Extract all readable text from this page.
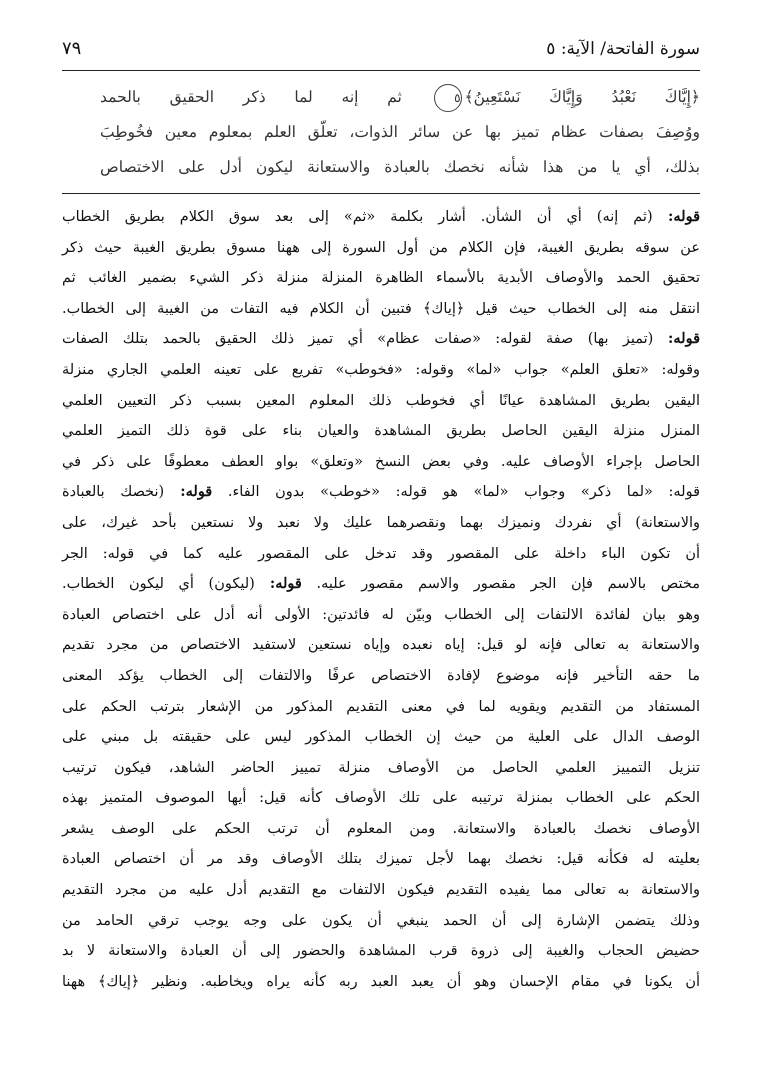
سورة الفاتحة/ الآية: ٥
٧٩

﴿إِيَّاكَ نَعْبُدُ وَإِيَّاكَ نَسْتَعِينُ﴾٥ ثم إنه لما ذكر الحقيق بالحمد

ووُصِفَ بصفات عظام تميز بها عن سائر الذوات، تعلّق العلم بمعلوم معين فخُوطِبَ

بذلك، أي يا من هذا شأنه نخصك بالعبادة والاستعانة ليكون أدل على الاختصاص

قوله: (ثم إنه) أي أن الشأن. أشار بكلمة «ثم» إلى بعد سوق الكلام بطريق الخطاب

عن سوقه بطريق الغيبة، فإن الكلام من أول السورة إلى ههنا مسوق بطريق الغيبة حيث ذكر

تحقيق الحمد والأوصاف الأبدية بالأسماء الظاهرة المنزلة منزلة ذكر الشيء بضمير الغائب ثم

انتقل منه إلى الخطاب حيث قيل ﴿إياك﴾ فتبين أن الكلام فيه التفات من الغيبة إلى الخطاب.

قوله: (تميز بها) صفة لقوله: «صفات عظام» أي تميز ذلك الحقيق بالحمد بتلك الصفات

وقوله: «تعلق العلم» جواب «لما» وقوله: «فخوطب» تفريع على تعينه العلمي الجاري منزلة

اليقين بطريق المشاهدة عيانًا أي فخوطب ذلك المعلوم المعين بسبب ذكر التعيين العلمي

المنزل منزلة اليقين الحاصل بطريق المشاهدة والعيان بناء على قوة ذلك التميز العلمي

الحاصل بإجراء الأوصاف عليه. وفي بعض النسخ «وتعلق» بواو العطف معطوفًا على ذكر في

قوله: «لما ذكر» وجواب «لما» هو قوله: «خوطب» بدون الفاء. قوله: (نخصك بالعبادة

والاستعانة) أي نفردك ونميزك بهما ونقصرهما عليك ولا نعبد ولا نستعين بأحد غيرك، على

أن تكون الباء داخلة على المقصور وقد تدخل على المقصور عليه كما في قوله: الجر

مختص بالاسم فإن الجر مقصور والاسم مقصور عليه. قوله: (ليكون) أي ليكون الخطاب.

وهو بيان لفائدة الالتفات إلى الخطاب وبيّن له فائدتين: الأولى أنه أدل على اختصاص العبادة

والاستعانة به تعالى فإنه لو قيل: إياه نعبده وإياه نستعين لاستفيد الاختصاص من مجرد تقديم

ما حقه التأخير فإنه موضوع لإفادة الاختصاص عرفًا والالتفات إلى الخطاب يؤكد المعنى

المستفاد من التقديم ويقويه لما في معنى التقديم المذكور من الإشعار بترتب الحكم على

الوصف الدال على العلية من حيث إن الخطاب المذكور ليس على حقيقته بل مبني على

تنزيل التمييز العلمي الحاصل من الأوصاف منزلة تمييز الحاضر الشاهد، فيكون ترتيب

الحكم على الخطاب بمنزلة ترتيبه على تلك الأوصاف كأنه قيل: أيها الموصوف المتميز بهذه

الأوصاف نخصك بالعبادة والاستعانة. ومن المعلوم أن ترتب الحكم على الوصف يشعر

بعليته له فكأنه قيل: نخصك بهما لأجل تميزك بتلك الأوصاف وقد مر أن اختصاص العبادة

والاستعانة به تعالى مما يفيده التقديم فيكون الالتفات مع التقديم أدل عليه من مجرد التقديم

وذلك يتضمن الإشارة إلى أن الحمد ينبغي أن يكون على وجه يوجب ترقي الحامد من

حضيض الحجاب والغيبة إلى ذروة قرب المشاهدة والحضور إلى أن العبادة والاستعانة لا بد

أن يكونا في مقام الإحسان وهو أن يعبد العبد ربه كأنه يراه ويخاطبه. ونظير ﴿إياك﴾ ههنا
